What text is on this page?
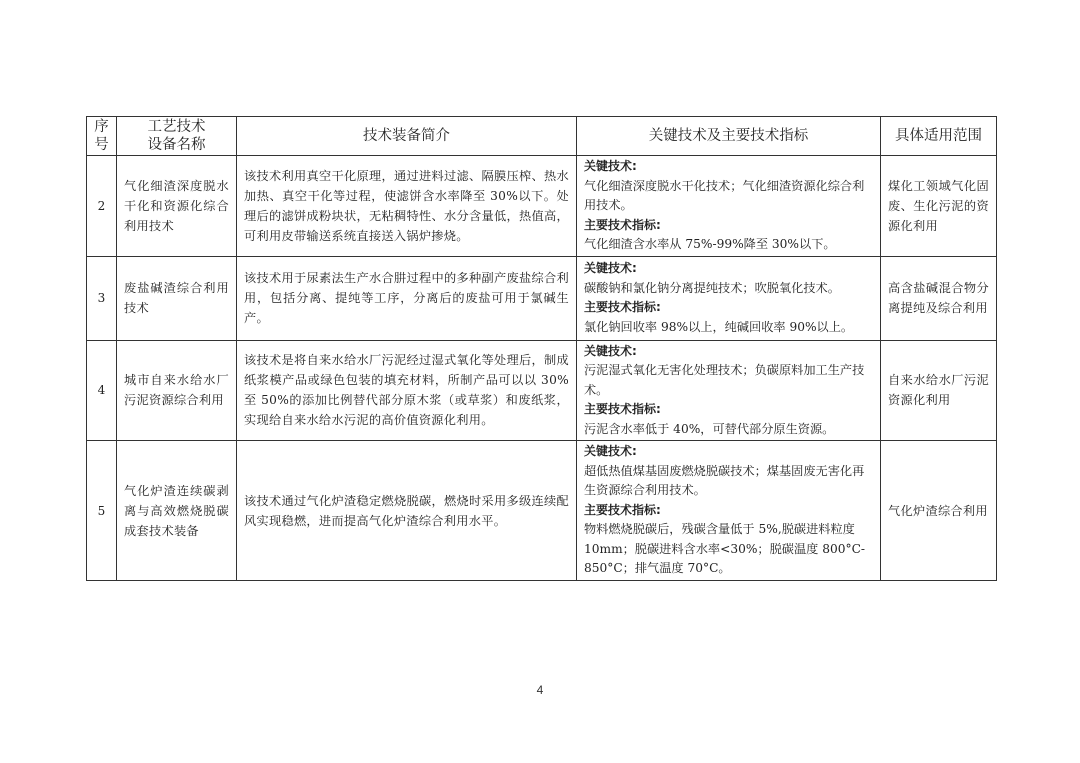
序
号	工艺技术
设备名称	技术装备简介	关键技术及主要技术指标	具体适用范围
2	气化细渣深度脱水干化和资源化综合利用技术	该技术利用真空干化原理，通过进料过滤、隔膜压榨、热水加热、真空干化等过程，使滤饼含水率降至 30%以下。处理后的滤饼成粉块状，无粘稠特性、水分含量低，热值高，可利用皮带输送系统直接送入锅炉掺烧。	关键技术:
气化细渣深度脱水干化技术；气化细渣资源化综合利用技术。
主要技术指标:
气化细渣含水率从 75%-99%降至 30%以下。	煤化工领域气化固废、生化污泥的资源化利用
3	废盐碱渣综合利用技术	该技术用于尿素法生产水合肼过程中的多种副产废盐综合利用，包括分离、提纯等工序，分离后的废盐可用于氯碱生产。	关键技术:
碳酸钠和氯化钠分离提纯技术；吹脱氧化技术。
主要技术指标:
氯化钠回收率 98%以上，纯碱回收率 90%以上。	高含盐碱混合物分离提纯及综合利用
4	城市自来水给水厂污泥资源综合利用	该技术是将自来水给水厂污泥经过湿式氧化等处理后，制成纸浆模产品或绿色包装的填充材料，所制产品可以以 30%至 50%的添加比例替代部分原木浆（或草浆）和废纸浆，实现给自来水给水污泥的高价值资源化利用。	关键技术:
污泥湿式氧化无害化处理技术；负碳原料加工生产技术。
主要技术指标:
污泥含水率低于 40%，可替代部分原生资源。	自来水给水厂污泥资源化利用
5	气化炉渣连续碳剥离与高效燃烧脱碳成套技术装备	该技术通过气化炉渣稳定燃烧脱碳，燃烧时采用多级连续配风实现稳燃，进而提高气化炉渣综合利用水平。	关键技术:
超低热值煤基固废燃烧脱碳技术；煤基固废无害化再生资源综合利用技术。
主要技术指标:
物料燃烧脱碳后，残碳含量低于 5%,脱碳进料粒度 10mm；脱碳进料含水率<30%；脱碳温度 800°C-850°C；排气温度 70°C。	气化炉渣综合利用
4
